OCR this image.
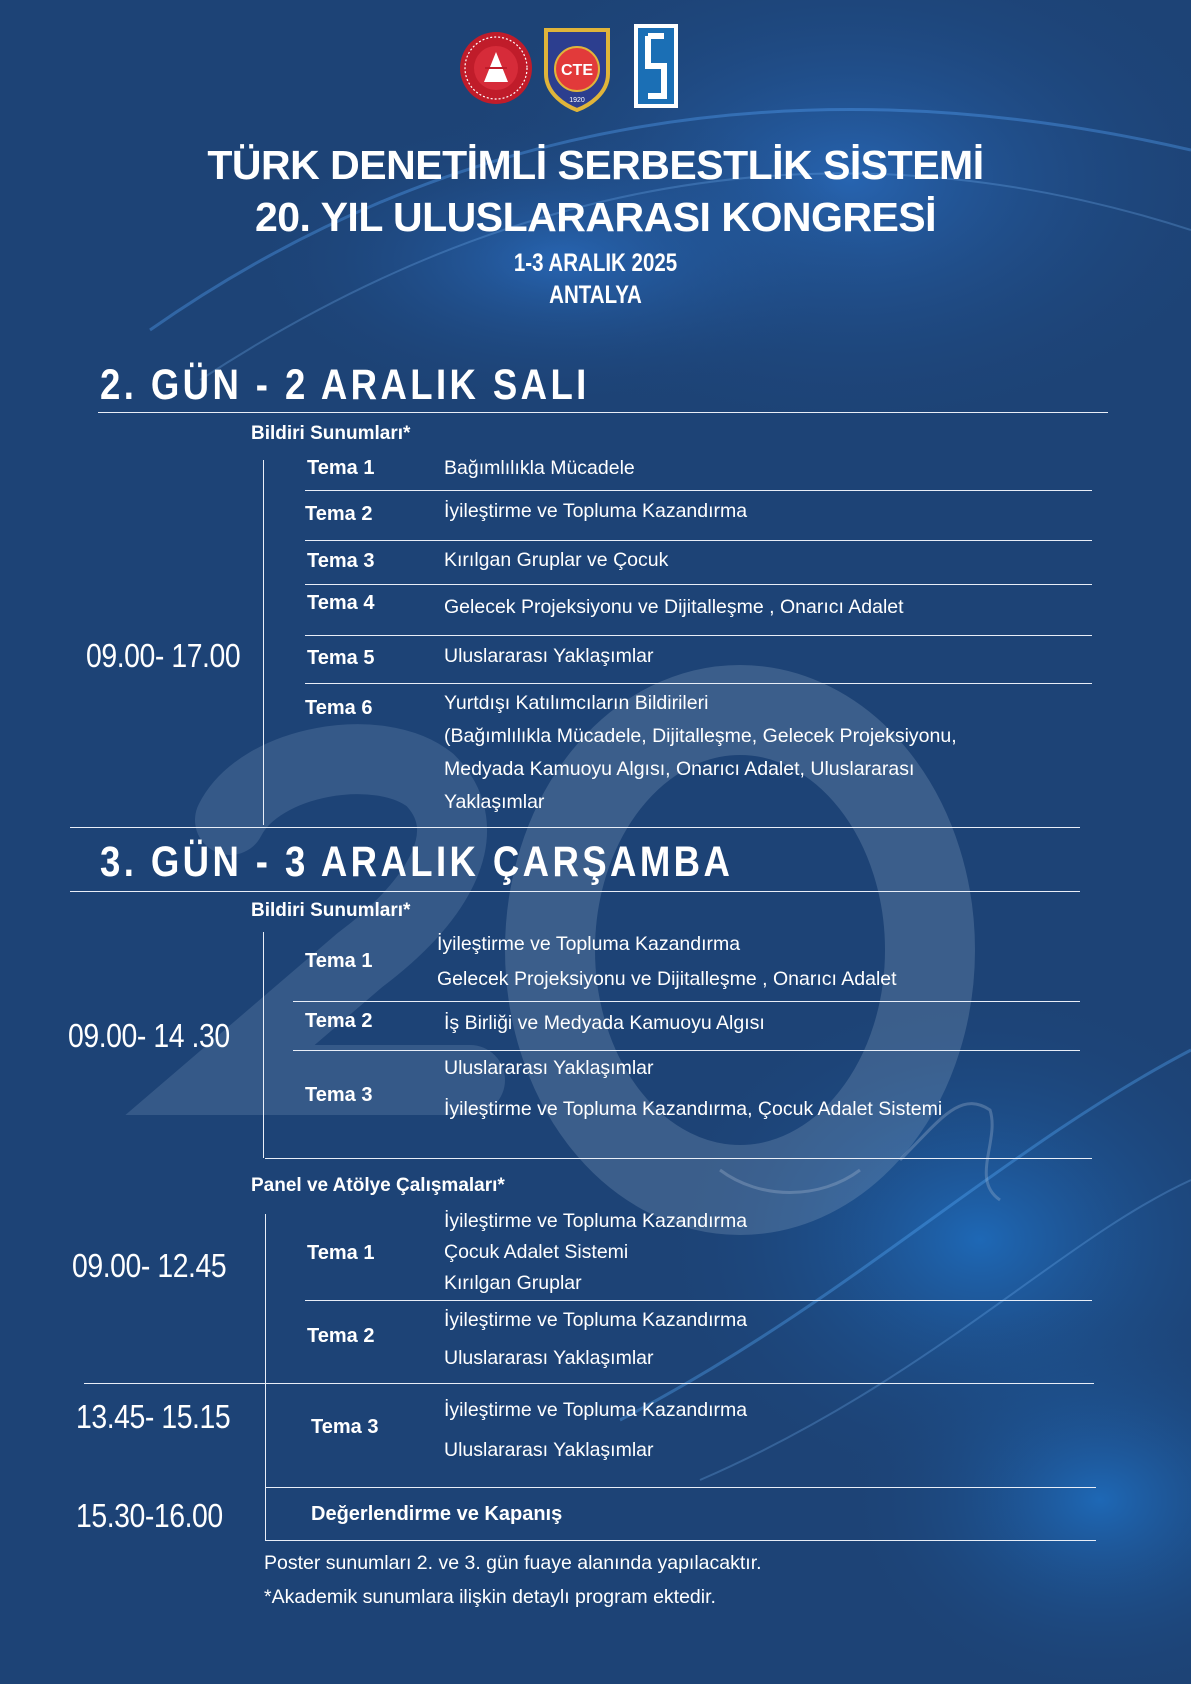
CTE
1920
TÜRK DENETİMLİ SERBESTLİK SİSTEMİ
20. YIL ULUSLARARASI KONGRESİ
1-3 ARALIK 2025
ANTALYA
2. GÜN - 2 ARALIK SALI
Bildiri Sunumları*
09.00- 17.00
Tema 1	Bağımlılıkla Mücadele
Tema 2	İyileştirme ve Topluma Kazandırma
Tema 3	Kırılgan Gruplar ve Çocuk
Tema 4	Gelecek Projeksiyonu ve Dijitalleşme , Onarıcı Adalet
Tema 5	Uluslararası Yaklaşımlar
Tema 6	Yurtdışı Katılımcıların Bildirileri
(Bağımlılıkla Mücadele, Dijitalleşme, Gelecek Projeksiyonu,
Medyada Kamuoyu Algısı, Onarıcı Adalet, Uluslararası
Yaklaşımlar
3. GÜN - 3 ARALIK ÇARŞAMBA
Bildiri Sunumları*
09.00- 14 .30
Tema 1
İyileştirme ve Topluma Kazandırma
Gelecek Projeksiyonu ve Dijitalleşme , Onarıcı Adalet
Tema 2	İş Birliği ve Medyada Kamuoyu Algısı
Tema 3
Uluslararası Yaklaşımlar
İyileştirme ve Topluma Kazandırma, Çocuk Adalet Sistemi
Panel ve Atölye Çalışmaları*
09.00- 12.45	Tema 1
İyileştirme ve Topluma Kazandırma
Çocuk Adalet Sistemi
Kırılgan Gruplar
Tema 2
İyileştirme ve Topluma Kazandırma
Uluslararası Yaklaşımlar
13.45- 15.15	Tema 3
İyileştirme ve Topluma Kazandırma
Uluslararası Yaklaşımlar
15.30-16.00	Değerlendirme ve Kapanış
Poster sunumları 2. ve 3. gün fuaye alanında yapılacaktır.
*Akademik sunumlara ilişkin detaylı program ektedir.
